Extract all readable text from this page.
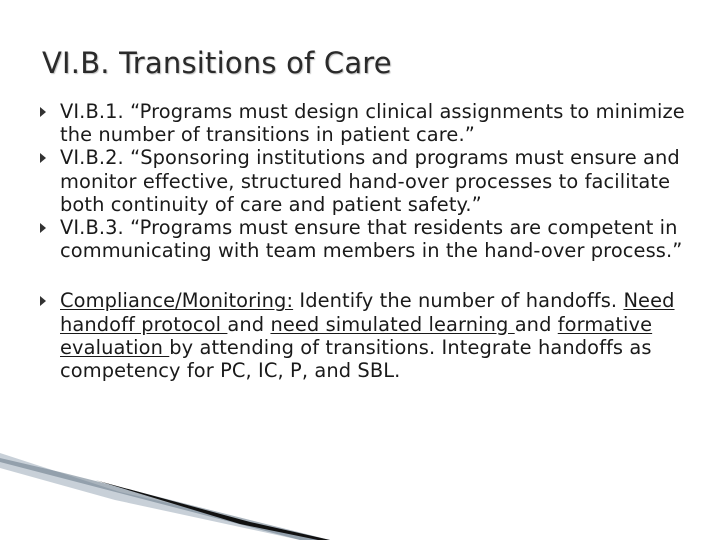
VI.B. Transitions of Care
VI.B.1. “Programs must design clinical assignments to minimize the number of transitions in patient care.”
VI.B.2. “Sponsoring institutions and programs must ensure and monitor effective, structured hand-over processes to facilitate both continuity of care and patient safety.”
VI.B.3. “Programs must ensure that residents are competent in communicating with team members in the hand-over process.”
Compliance/Monitoring: Identify the number of handoffs. Need handoff protocol and need simulated learning and formative evaluation by attending of transitions. Integrate handoffs as competency for PC, IC, P, and SBL.
